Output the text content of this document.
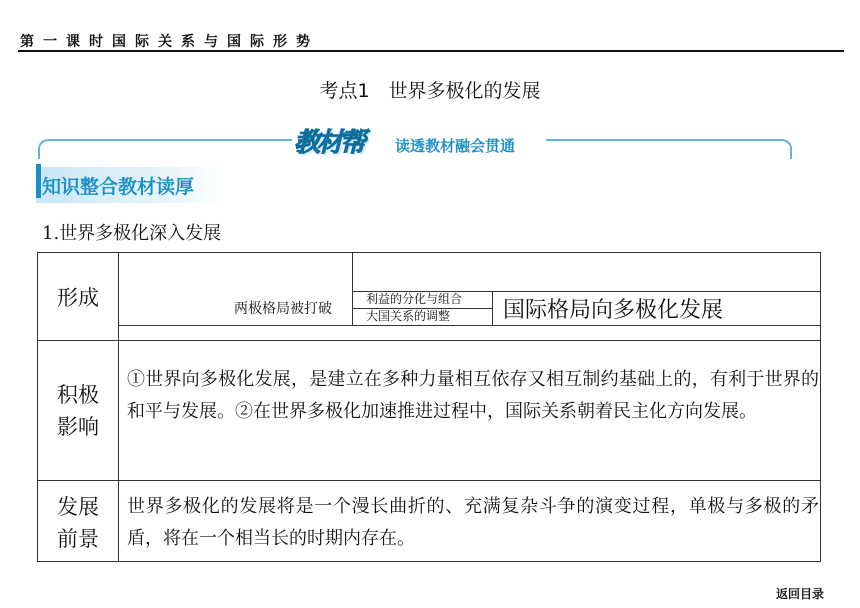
第一课时国际关系与国际形势
考点1　世界多极化的发展
教材帮 读透教材融会贯通
知识整合教材读厚
1.世界多极化深入发展
形成	两极格局被打破
利益的分化与组合
大国关系的调整 国际格局向多极化发展
积极
影响
①世界向多极化发展，是建立在多种力量相互依存又相互制约基础上的，有利于世界的和平与发展。②在世界多极化加速推进过程中，国际关系朝着民主化方向发展。
发展
前景
世界多极化的发展将是一个漫长曲折的、充满复杂斗争的演变过程，单极与多极的矛盾，将在一个相当长的时期内存在。
返回目录
